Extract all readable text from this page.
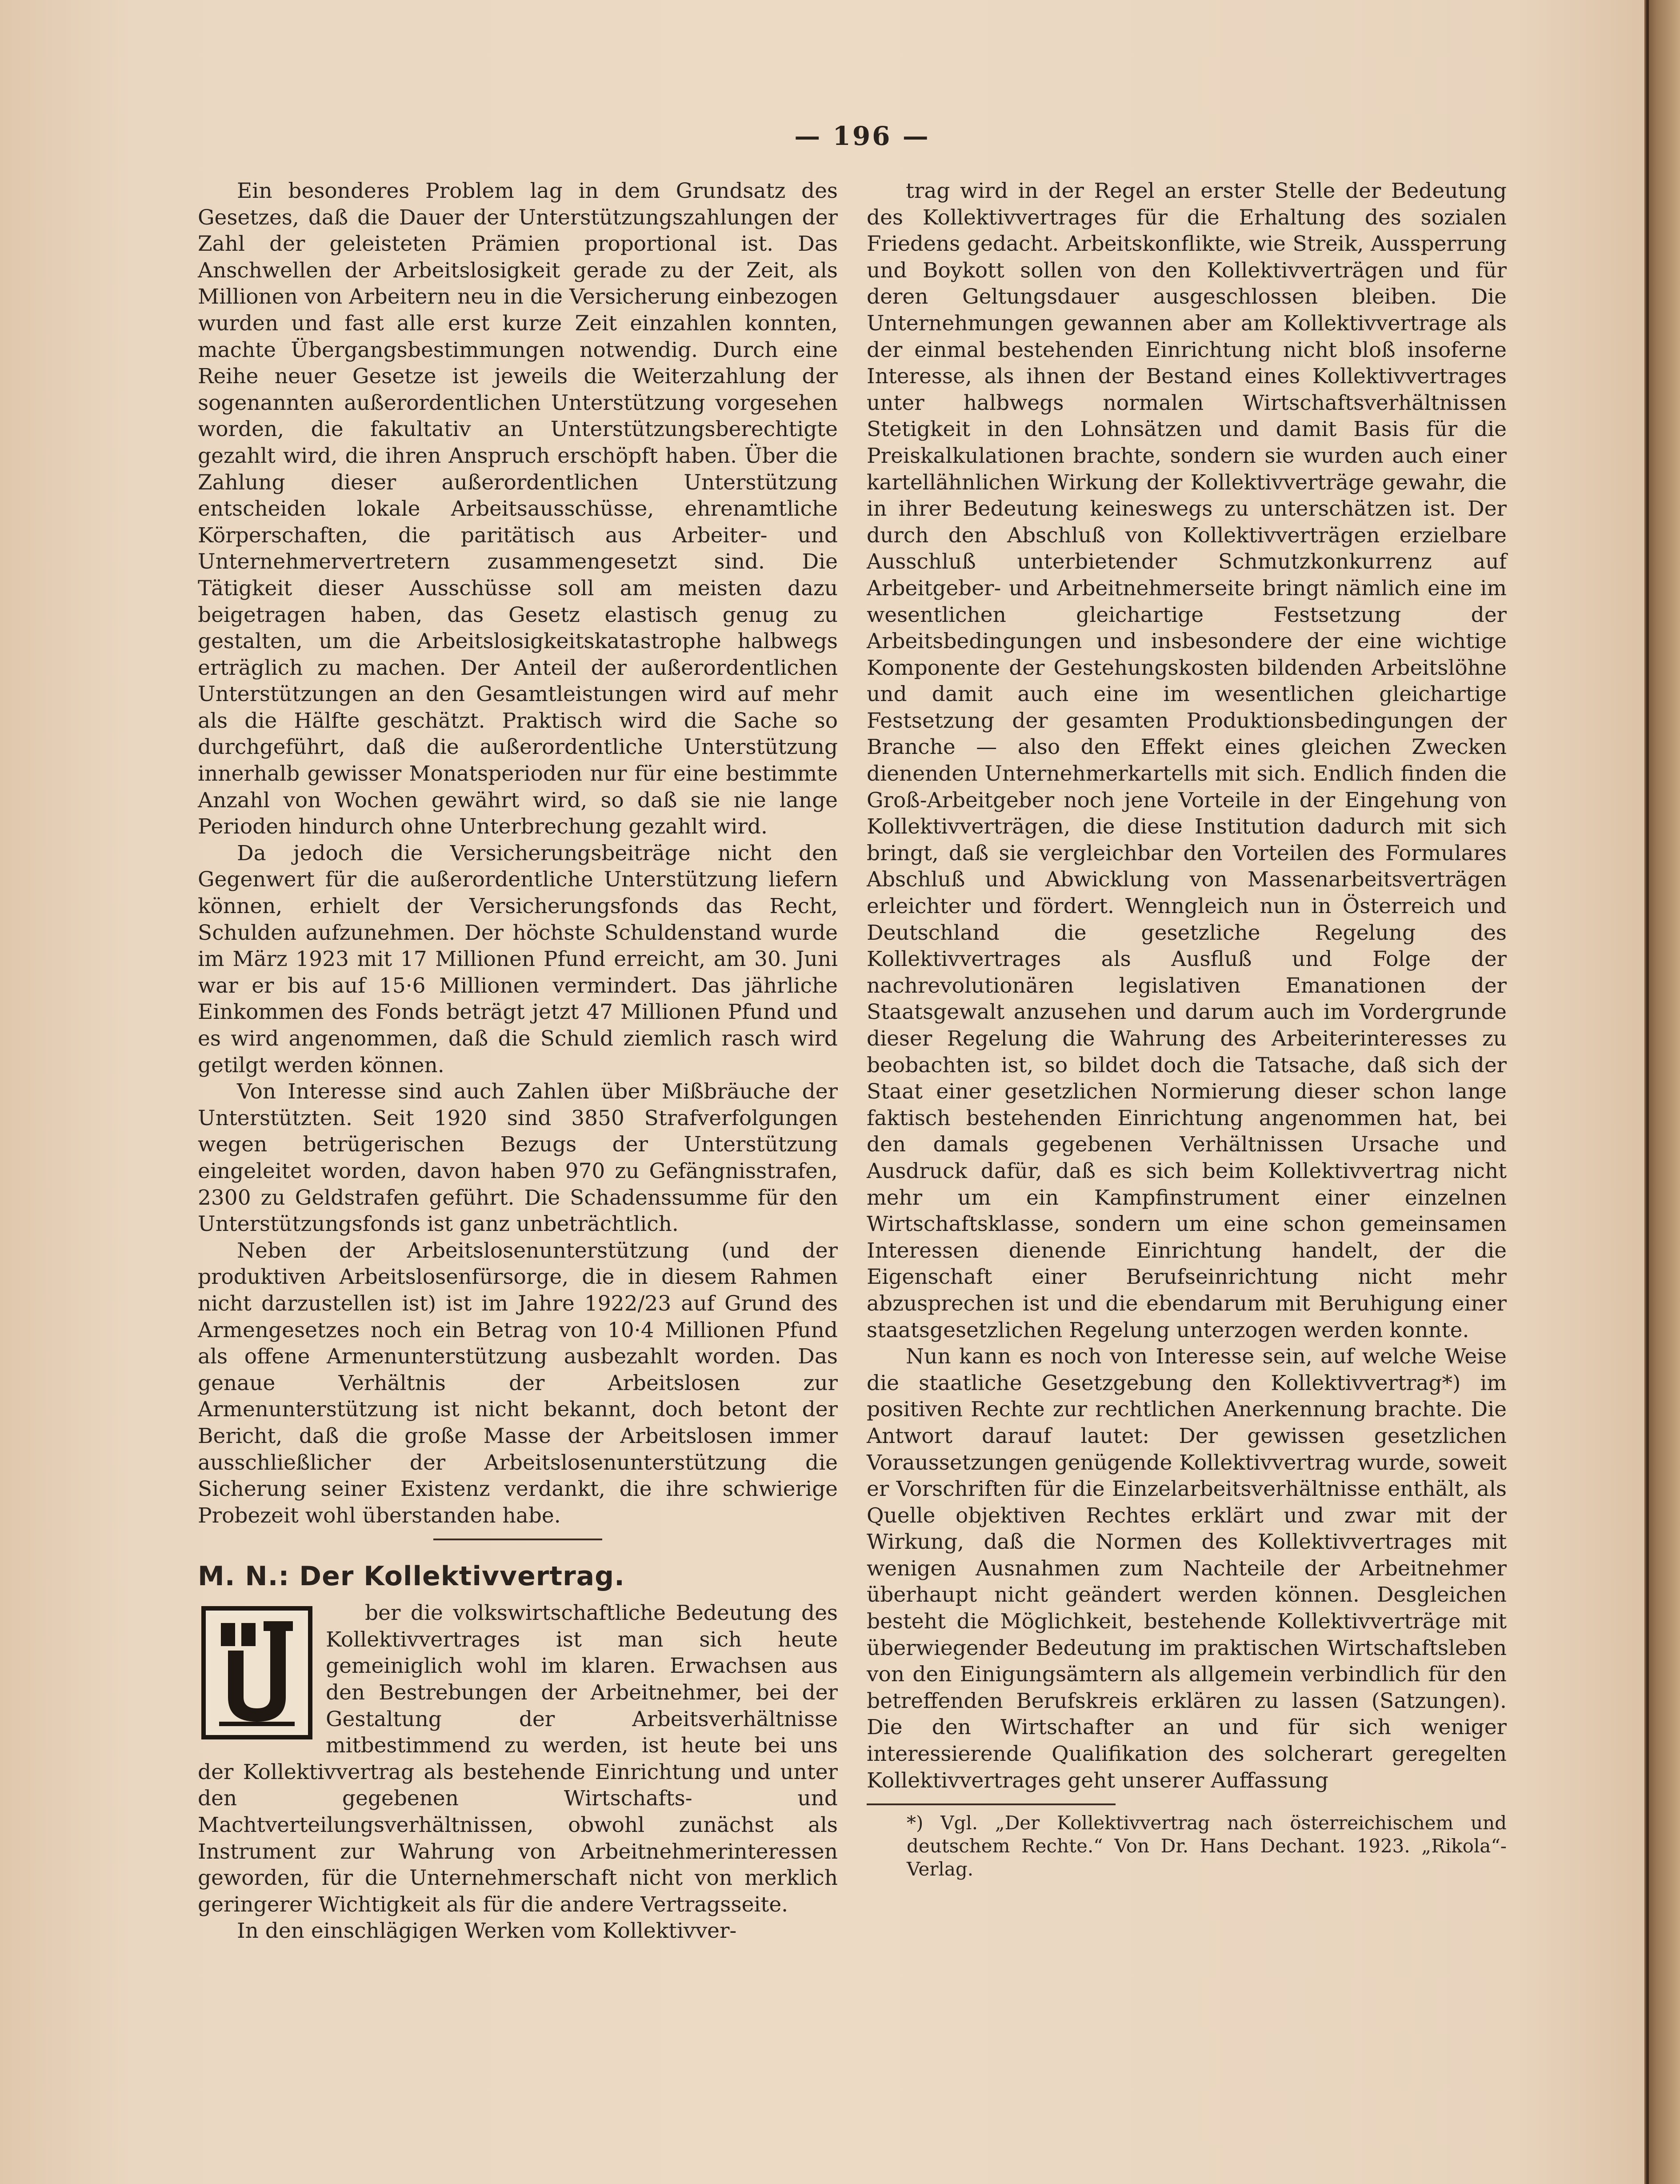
— 196 —

Ein besonderes Problem lag in dem Grundsatz des Gesetzes, daß die Dauer der Unterstützungszahlungen der Zahl der geleisteten Prämien proportional ist. Das Anschwellen der Arbeitslosigkeit gerade zu der Zeit, als Millionen von Arbeitern neu in die Versicherung einbezogen wurden und fast alle erst kurze Zeit einzahlen konnten, machte Übergangsbestimmungen notwendig. Durch eine Reihe neuer Gesetze ist jeweils die Weiterzahlung der sogenannten außerordentlichen Unterstützung vorgesehen worden, die fakultativ an Unterstützungsberechtigte gezahlt wird, die ihren Anspruch erschöpft haben. Über die Zahlung dieser außerordentlichen Unterstützung entscheiden lokale Arbeitsausschüsse, ehrenamtliche Körperschaften, die paritätisch aus Arbeiter- und Unternehmervertretern zusammengesetzt sind. Die Tätigkeit dieser Ausschüsse soll am meisten dazu beigetragen haben, das Gesetz elastisch genug zu gestalten, um die Arbeitslosigkeitskatastrophe halbwegs erträglich zu machen. Der Anteil der außerordentlichen Unterstützungen an den Gesamtleistungen wird auf mehr als die Hälfte geschätzt. Praktisch wird die Sache so durchgeführt, daß die außerordentliche Unterstützung innerhalb gewisser Monatsperioden nur für eine bestimmte Anzahl von Wochen gewährt wird, so daß sie nie lange Perioden hindurch ohne Unterbrechung gezahlt wird.

Da jedoch die Versicherungsbeiträge nicht den Gegenwert für die außerordentliche Unterstützung liefern können, erhielt der Versicherungsfonds das Recht, Schulden aufzunehmen. Der höchste Schuldenstand wurde im März 1923 mit 17 Millionen Pfund erreicht, am 30. Juni war er bis auf 15·6 Millionen vermindert. Das jährliche Einkommen des Fonds beträgt jetzt 47 Millionen Pfund und es wird angenommen, daß die Schuld ziemlich rasch wird getilgt werden können.

Von Interesse sind auch Zahlen über Mißbräuche der Unterstützten. Seit 1920 sind 3850 Strafverfolgungen wegen betrügerischen Bezugs der Unterstützung eingeleitet worden, davon haben 970 zu Gefängnisstrafen, 2300 zu Geldstrafen geführt. Die Schadenssumme für den Unterstützungsfonds ist ganz unbeträchtlich.

Neben der Arbeitslosenunterstützung (und der produktiven Arbeitslosenfürsorge, die in diesem Rahmen nicht darzustellen ist) ist im Jahre 1922/23 auf Grund des Armengesetzes noch ein Betrag von 10·4 Millionen Pfund als offene Armenunterstützung ausbezahlt worden. Das genaue Verhältnis der Arbeitslosen zur Armenunterstützung ist nicht bekannt, doch betont der Bericht, daß die große Masse der Arbeitslosen immer ausschließlicher der Arbeitslosenunterstützung die Sicherung seiner Existenz verdankt, die ihre schwierige Probezeit wohl überstanden habe.

M. N.: Der Kollektivvertrag.

ber die volkswirtschaftliche Bedeutung des Kollektivvertrages ist man sich heute gemeiniglich wohl im klaren. Erwachsen aus den Bestrebungen der Arbeitnehmer, bei der Gestaltung der Arbeitsverhältnisse mitbestimmend zu werden, ist heute bei uns der Kollektivvertrag als bestehende Einrichtung und unter den gegebenen Wirtschafts- und Machtverteilungsverhältnissen, obwohl zunächst als Instrument zur Wahrung von Arbeitnehmerinteressen geworden, für die Unternehmerschaft nicht von merklich geringerer Wichtigkeit als für die andere Vertragsseite.

In den einschlägigen Werken vom Kollektivver-

trag wird in der Regel an erster Stelle der Bedeutung des Kollektivvertrages für die Erhaltung des sozialen Friedens gedacht. Arbeitskonflikte, wie Streik, Aussperrung und Boykott sollen von den Kollektivverträgen und für deren Geltungsdauer ausgeschlossen bleiben. Die Unternehmungen gewannen aber am Kollektivvertrage als der einmal bestehenden Einrichtung nicht bloß insoferne Interesse, als ihnen der Bestand eines Kollektivvertrages unter halbwegs normalen Wirtschaftsverhältnissen Stetigkeit in den Lohnsätzen und damit Basis für die Preiskalkulationen brachte, sondern sie wurden auch einer kartellähnlichen Wirkung der Kollektivverträge gewahr, die in ihrer Bedeutung keineswegs zu unterschätzen ist. Der durch den Abschluß von Kollektivverträgen erzielbare Ausschluß unterbietender Schmutzkonkurrenz auf Arbeitgeber- und Arbeitnehmerseite bringt nämlich eine im wesentlichen gleichartige Festsetzung der Arbeitsbedingungen und insbesondere der eine wichtige Komponente der Gestehungskosten bildenden Arbeitslöhne und damit auch eine im wesentlichen gleichartige Festsetzung der gesamten Produktionsbedingungen der Branche — also den Effekt eines gleichen Zwecken dienenden Unternehmerkartells mit sich. Endlich finden die Groß-Arbeitgeber noch jene Vorteile in der Eingehung von Kollektivverträgen, die diese Institution dadurch mit sich bringt, daß sie vergleichbar den Vorteilen des Formulares Abschluß und Abwicklung von Massenarbeitsverträgen erleichter und fördert. Wenngleich nun in Österreich und Deutschland die gesetzliche Regelung des Kollektivvertrages als Ausfluß und Folge der nachrevolutionären legislativen Emanationen der Staatsgewalt anzusehen und darum auch im Vordergrunde dieser Regelung die Wahrung des Arbeiterinteresses zu beobachten ist, so bildet doch die Tatsache, daß sich der Staat einer gesetzlichen Normierung dieser schon lange faktisch bestehenden Einrichtung angenommen hat, bei den damals gegebenen Verhältnissen Ursache und Ausdruck dafür, daß es sich beim Kollektivvertrag nicht mehr um ein Kampfinstrument einer einzelnen Wirtschaftsklasse, sondern um eine schon gemeinsamen Interessen dienende Einrichtung handelt, der die Eigenschaft einer Berufseinrichtung nicht mehr abzusprechen ist und die ebendarum mit Beruhigung einer staatsgesetzlichen Regelung unterzogen werden konnte.

Nun kann es noch von Interesse sein, auf welche Weise die staatliche Gesetzgebung den Kollektivvertrag*) im positiven Rechte zur rechtlichen Anerkennung brachte. Die Antwort darauf lautet: Der gewissen gesetzlichen Voraussetzungen genügende Kollektivvertrag wurde, soweit er Vorschriften für die Einzelarbeitsverhältnisse enthält, als Quelle objektiven Rechtes erklärt und zwar mit der Wirkung, daß die Normen des Kollektivvertrages mit wenigen Ausnahmen zum Nachteile der Arbeitnehmer überhaupt nicht geändert werden können. Desgleichen besteht die Möglichkeit, bestehende Kollektivverträge mit überwiegender Bedeutung im praktischen Wirtschaftsleben von den Einigungsämtern als allgemein verbindlich für den betreffenden Berufskreis erklären zu lassen (Satzungen). Die den Wirtschafter an und für sich weniger interessierende Qualifikation des solcherart geregelten Kollektivvertrages geht unserer Auffassung

*) Vgl. „Der Kollektivvertrag nach österreichischem und deutschem Rechte.“ Von Dr. Hans Dechant. 1923. „Rikola“-Verlag.
